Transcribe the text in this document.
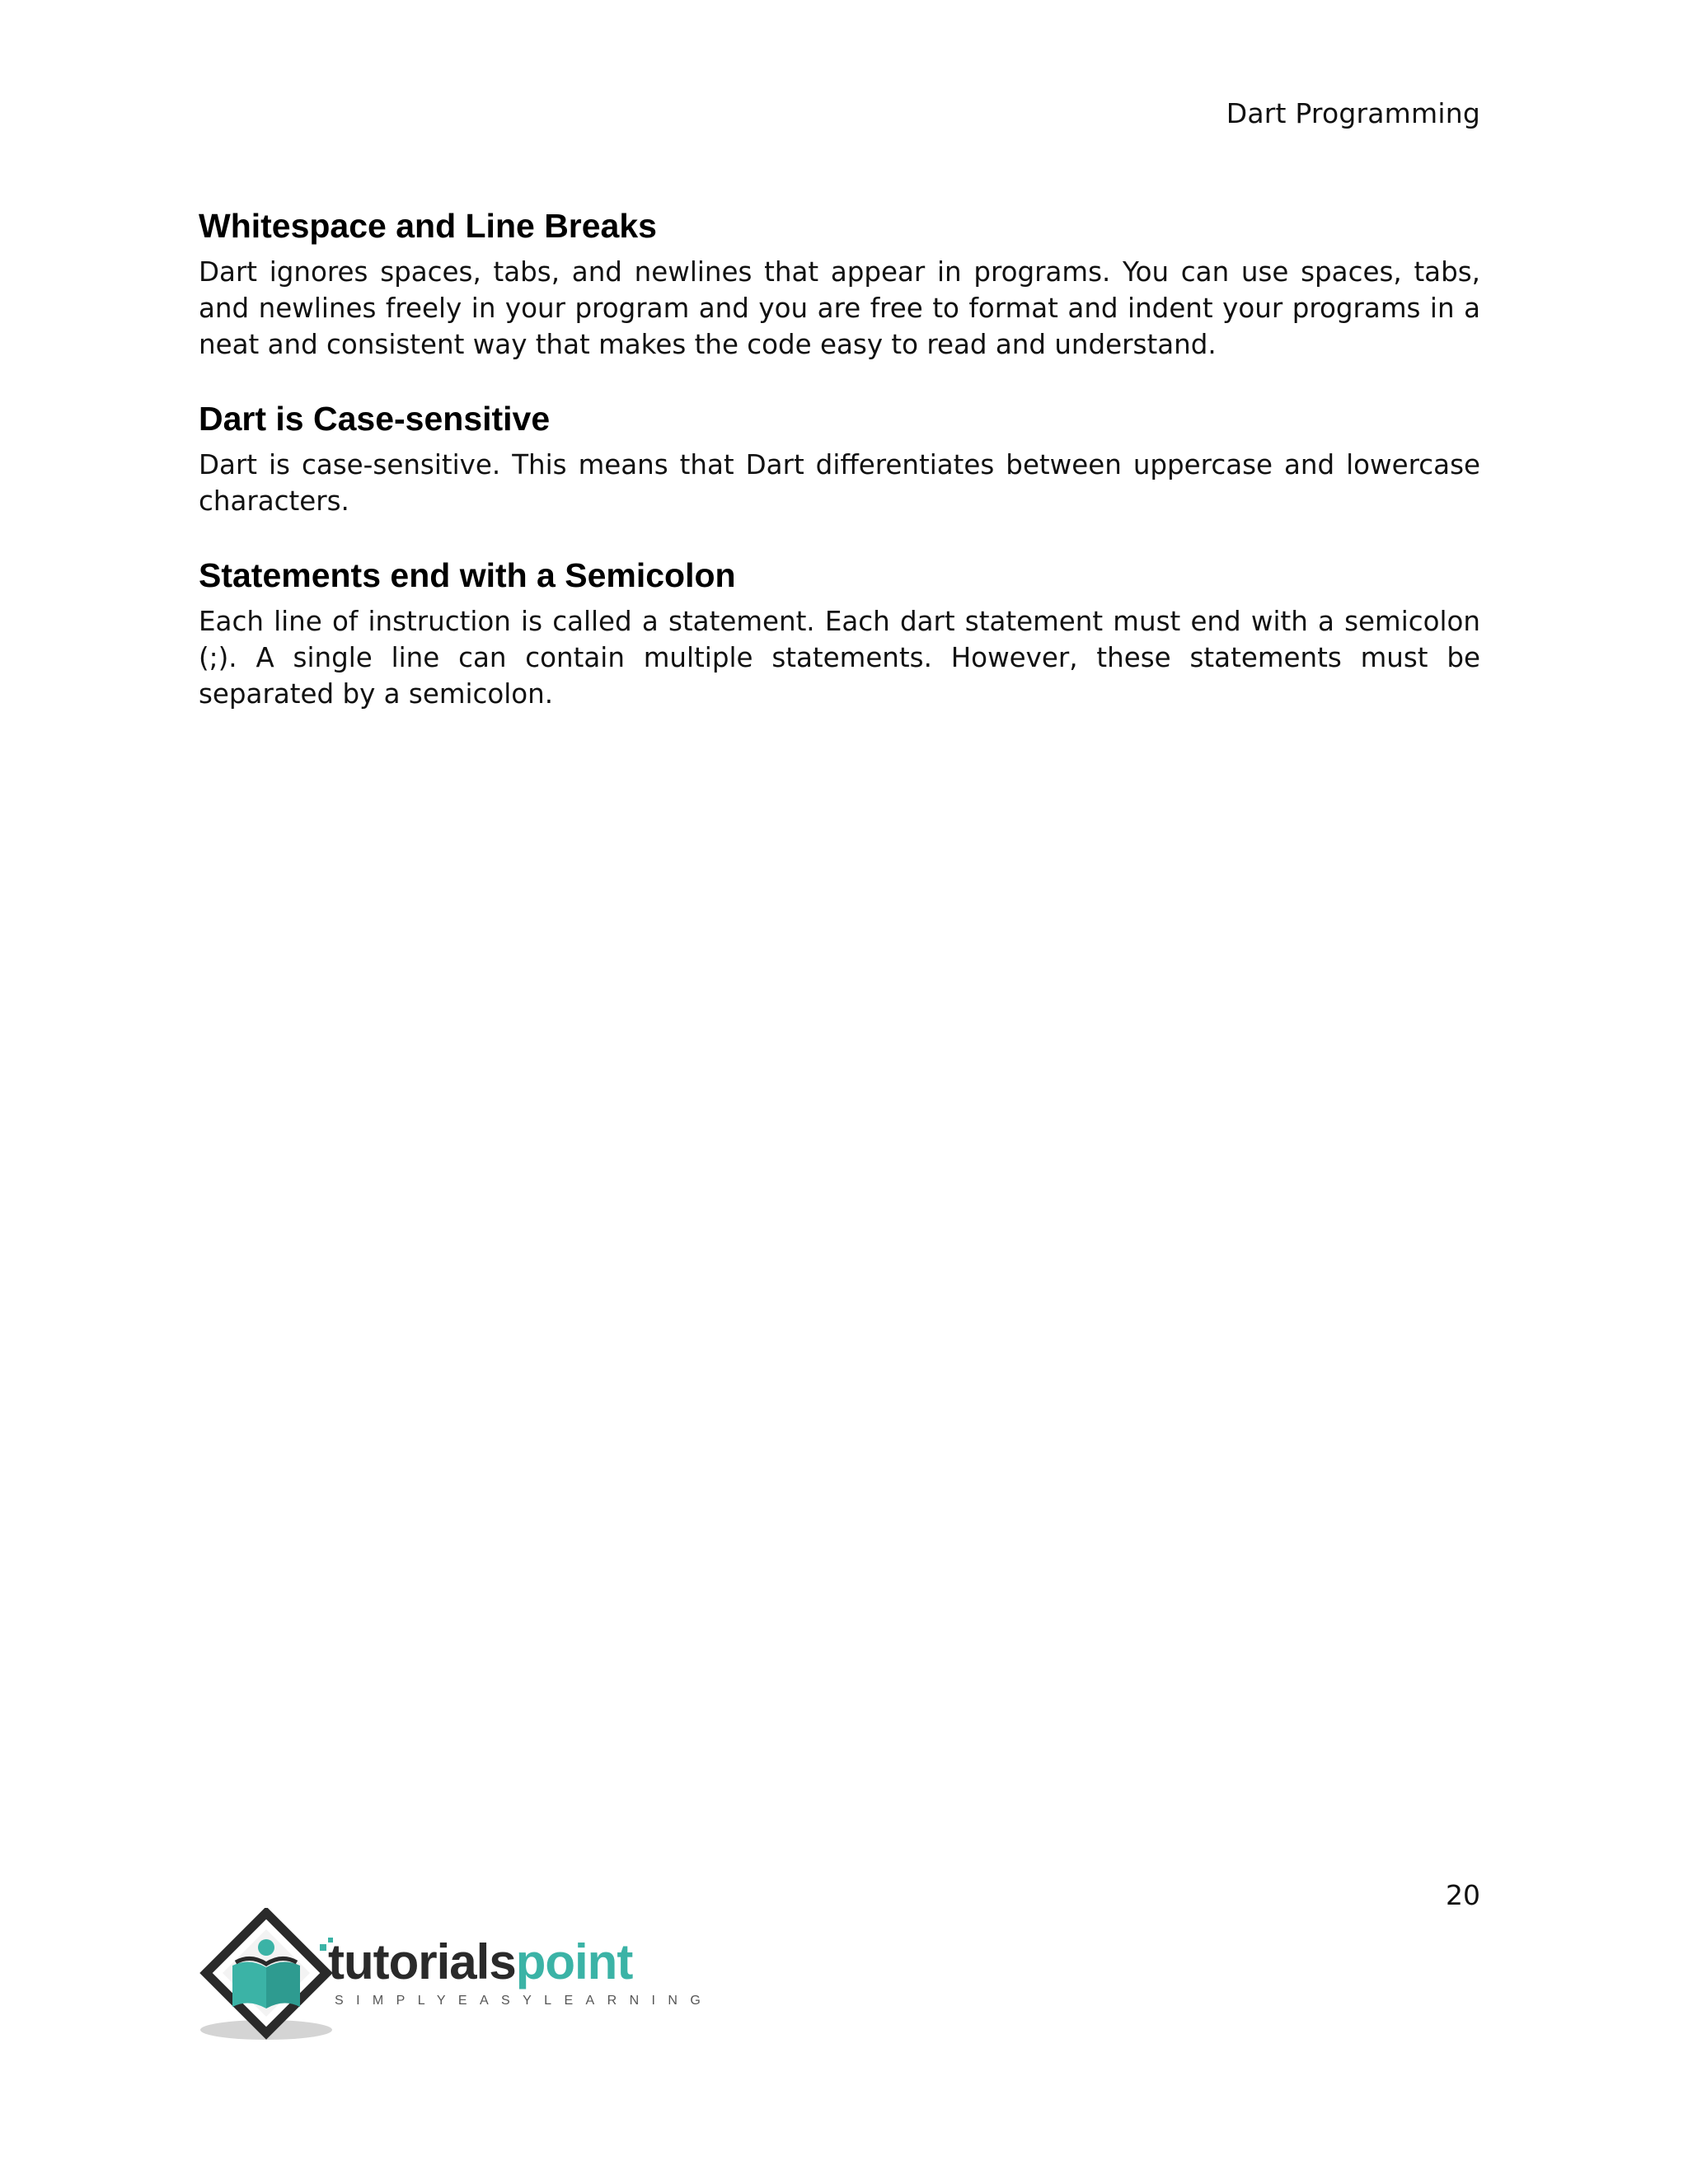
Dart Programming
Whitespace and Line Breaks

Dart ignores spaces, tabs, and newlines that appear in programs. You can use spaces, tabs, and newlines freely in your program and you are free to format and indent your programs in a neat and consistent way that makes the code easy to read and understand.

Dart is Case-sensitive

Dart is case-sensitive. This means that Dart differentiates between uppercase and lowercase characters.

Statements end with a Semicolon

Each line of instruction is called a statement. Each dart statement must end with a semicolon (;). A single line can contain multiple statements. However, these statements must be separated by a semicolon.

20
tutorialspoint
SIMPLYEASYLEARNING
